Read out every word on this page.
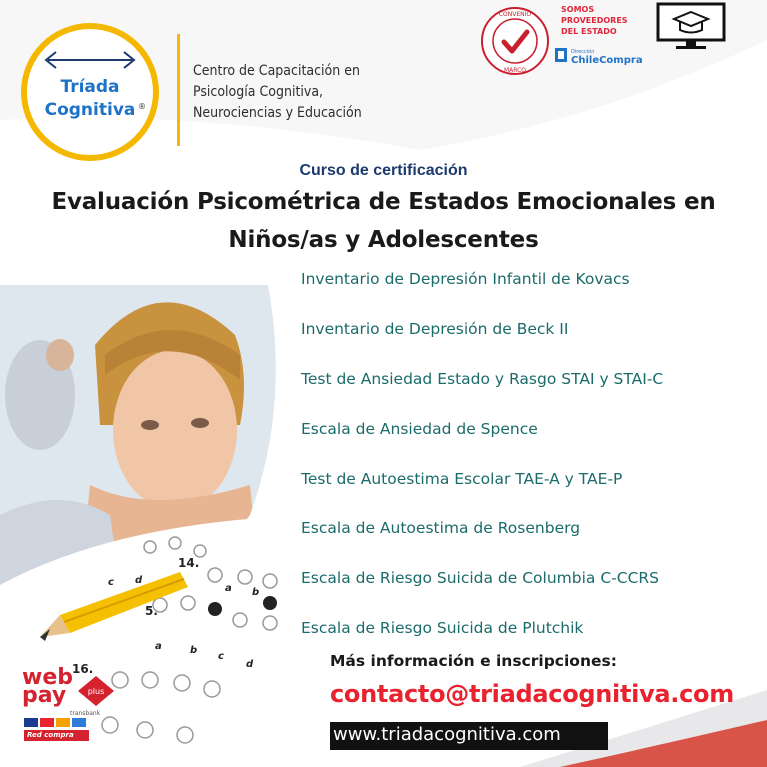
Tríada
Cognitiva ®
Centro de Capacitación en
Psicología Cognitiva,
Neurociencias y Educación
CONVENIO
MARCO
SOMOS
PROVEEDORES
DEL ESTADO
Dirección
ChileCompra
Curso de certificación
Evaluación Psicométrica de Estados Emocionales en
Niños/as y Adolescentes
14.
5.
16.
c d
a b
a	b
c
d
Inventario de Depresión Infantil de Kovacs
Inventario de Depresión de Beck II
Test de Ansiedad Estado y Rasgo STAI y STAI-C
Escala de Ansiedad de Spence
Test de Autoestima Escolar TAE-A y TAE-P
Escala de Autoestima de Rosenberg
Escala de Riesgo Suicida de Columbia C-CCRS
Escala de Riesgo Suicida de Plutchik
Más información e inscripciones:
contacto@triadacognitiva.com
www.triadacognitiva.com
web
pay	plus
transbank
Red compra
